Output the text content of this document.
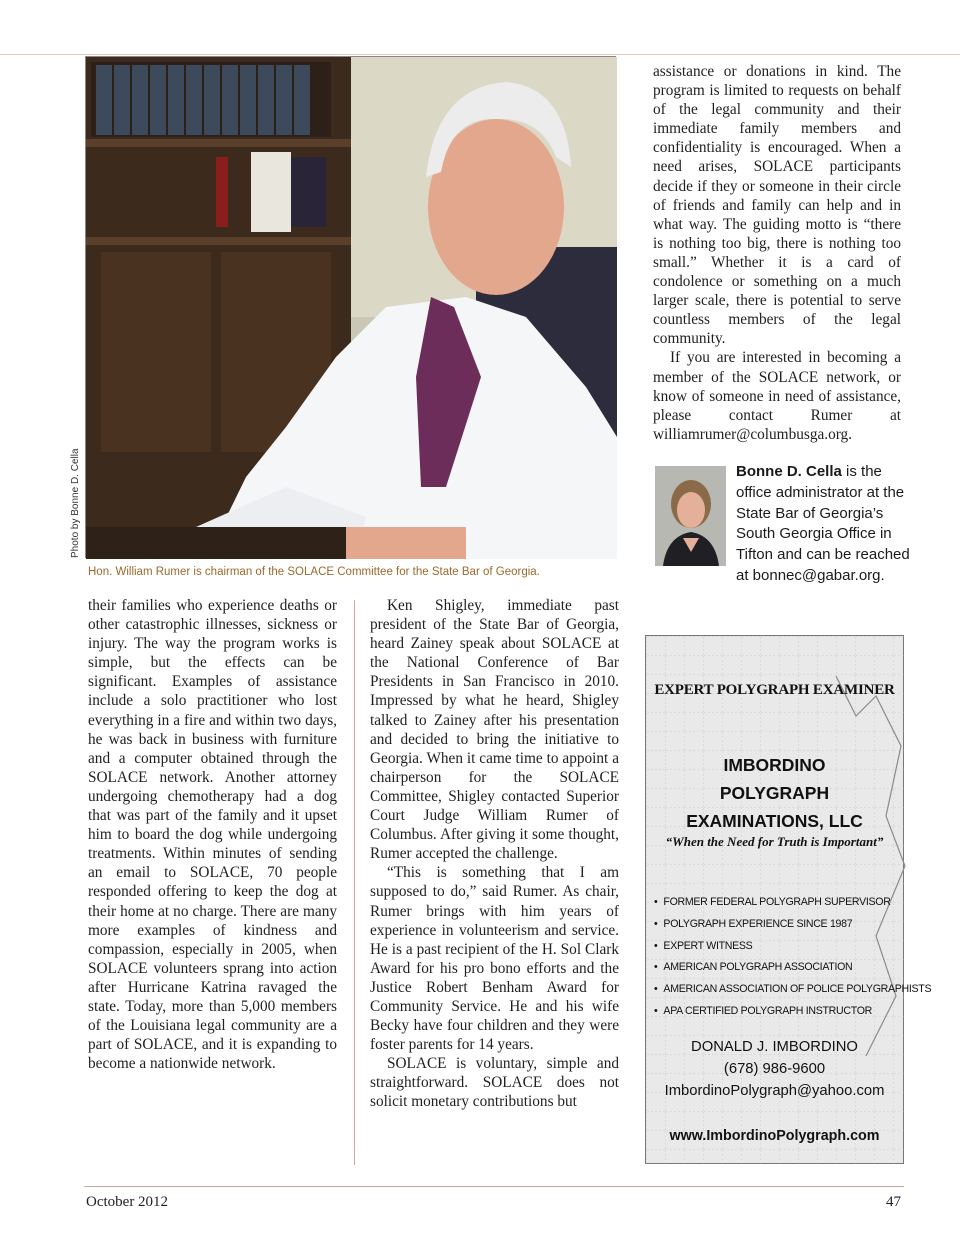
Photo by Bonne D. Cella
Hon. William Rumer is chairman of the SOLACE Committee for the State Bar of Georgia.

their families who experience deaths or other catastrophic illnesses, sickness or injury. The way the program works is simple, but the effects can be significant. Examples of assistance include a solo practitioner who lost everything in a fire and within two days, he was back in business with furniture and a computer obtained through the SOLACE network. Another attorney undergoing chemotherapy had a dog that was part of the family and it upset him to board the dog while undergoing treatments. Within minutes of sending an email to SOLACE, 70 people responded offering to keep the dog at their home at no charge. There are many more examples of kindness and compassion, especially in 2005, when SOLACE volunteers sprang into action after Hurricane Katrina ravaged the state. Today, more than 5,000 members of the Louisiana legal community are a part of SOLACE, and it is expanding to become a nationwide network.

Ken Shigley, immediate past president of the State Bar of Georgia, heard Zainey speak about SOLACE at the National Conference of Bar Presidents in San Francisco in 2010. Impressed by what he heard, Shigley talked to Zainey after his presentation and decided to bring the initiative to Georgia. When it came time to appoint a chairperson for the SOLACE Committee, Shigley contacted Superior Court Judge William Rumer of Columbus. After giving it some thought, Rumer accepted the challenge.

“This is something that I am supposed to do,” said Rumer. As chair, Rumer brings with him years of experience in volunteerism and service. He is a past recipient of the H. Sol Clark Award for his pro bono efforts and the Justice Robert Benham Award for Community Service. He and his wife Becky have four children and they were foster parents for 14 years.

SOLACE is voluntary, simple and straightforward. SOLACE does not solicit monetary contributions but

assistance or donations in kind. The program is limited to requests on behalf of the legal community and their immediate family members and confidentiality is encouraged. When a need arises, SOLACE participants decide if they or someone in their circle of friends and family can help and in what way. The guiding motto is “there is nothing too big, there is nothing too small.” Whether it is a card of condolence or something on a much larger scale, there is potential to serve countless members of the legal community.

If you are interested in becoming a member of the SOLACE network, or know of someone in need of assistance, please contact Rumer at williamrumer@columbusga.org.

Bonne D. Cella is the office administrator at the State Bar of Georgia’s South Georgia Office in Tifton and can be reached at bonnec@gabar.org.
EXPERT POLYGRAPH EXAMINER
IMBORDINO
POLYGRAPH
EXAMINATIONS, LLC
“When the Need for Truth is Important”
• FORMER FEDERAL POLYGRAPH SUPERVISOR
• POLYGRAPH EXPERIENCE SINCE 1987
• EXPERT WITNESS
• AMERICAN POLYGRAPH ASSOCIATION
• AMERICAN ASSOCIATION OF POLICE POLYGRAPHISTS
• APA CERTIFIED POLYGRAPH INSTRUCTOR
DONALD J. IMBORDINO
(678) 986-9600
ImbordinoPolygraph@yahoo.com
www.ImbordinoPolygraph.com
October 2012	47
